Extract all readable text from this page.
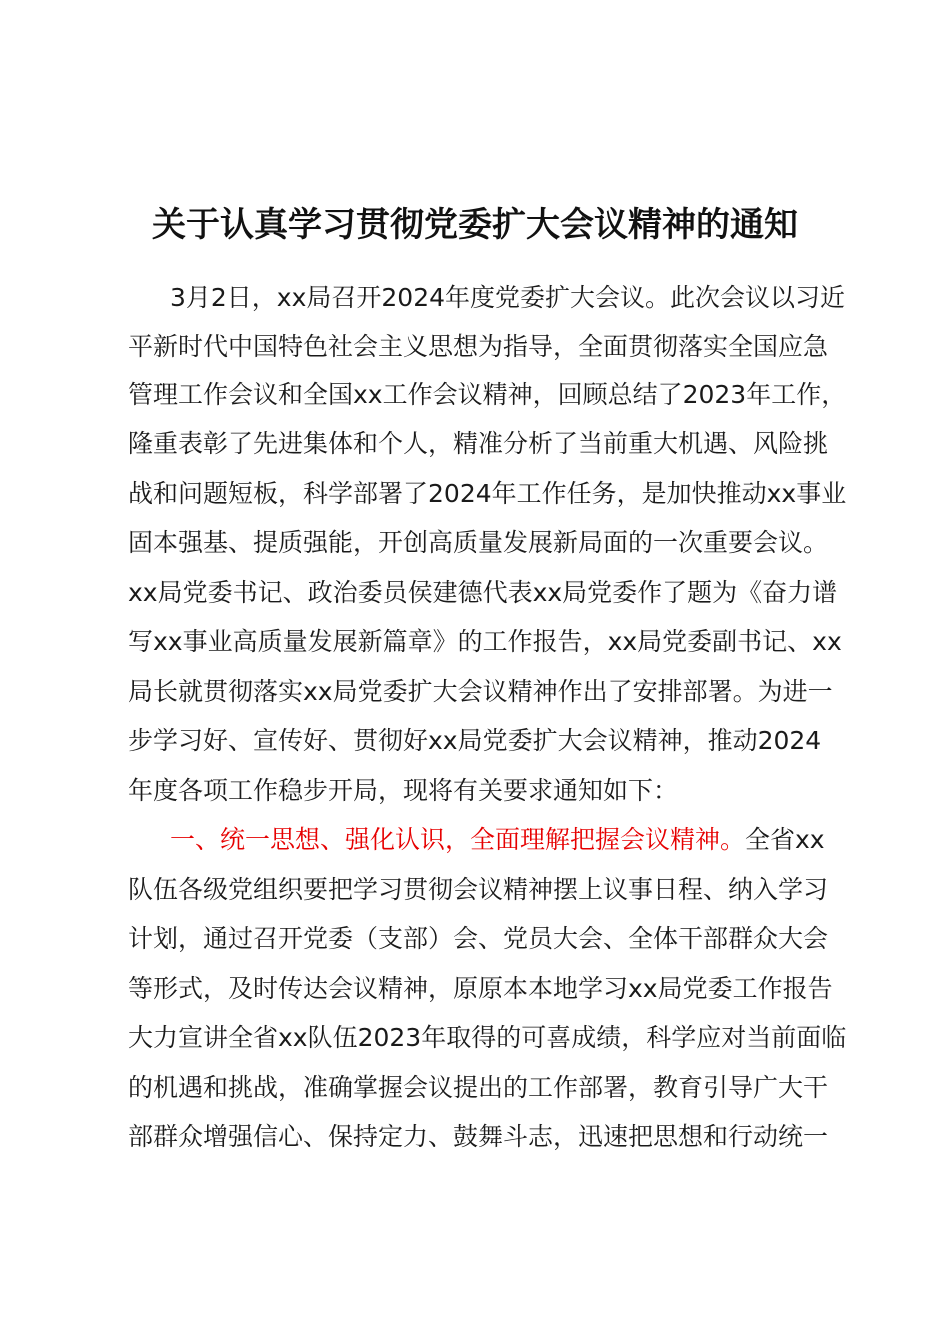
关于认真学习贯彻党委扩大会议精神的通知
3月2日，xx局召开2024年度党委扩大会议。此次会议以习近
平新时代中国特色社会主义思想为指导，全面贯彻落实全国应急
管理工作会议和全国xx工作会议精神，回顾总结了2023年工作，
隆重表彰了先进集体和个人，精准分析了当前重大机遇、风险挑
战和问题短板，科学部署了2024年工作任务，是加快推动xx事业
固本强基、提质强能，开创高质量发展新局面的一次重要会议。
xx局党委书记、政治委员侯建德代表xx局党委作了题为《奋力谱
写xx事业高质量发展新篇章》的工作报告，xx局党委副书记、xx
局长就贯彻落实xx局党委扩大会议精神作出了安排部署。为进一
步学习好、宣传好、贯彻好xx局党委扩大会议精神，推动2024
年度各项工作稳步开局，现将有关要求通知如下：
一、统一思想、强化认识，全面理解把握会议精神。全省xx
队伍各级党组织要把学习贯彻会议精神摆上议事日程、纳入学习
计划，通过召开党委（支部）会、党员大会、全体干部群众大会
等形式，及时传达会议精神，原原本本地学习xx局党委工作报告
大力宣讲全省xx队伍2023年取得的可喜成绩，科学应对当前面临
的机遇和挑战，准确掌握会议提出的工作部署，教育引导广大干
部群众增强信心、保持定力、鼓舞斗志，迅速把思想和行动统一
